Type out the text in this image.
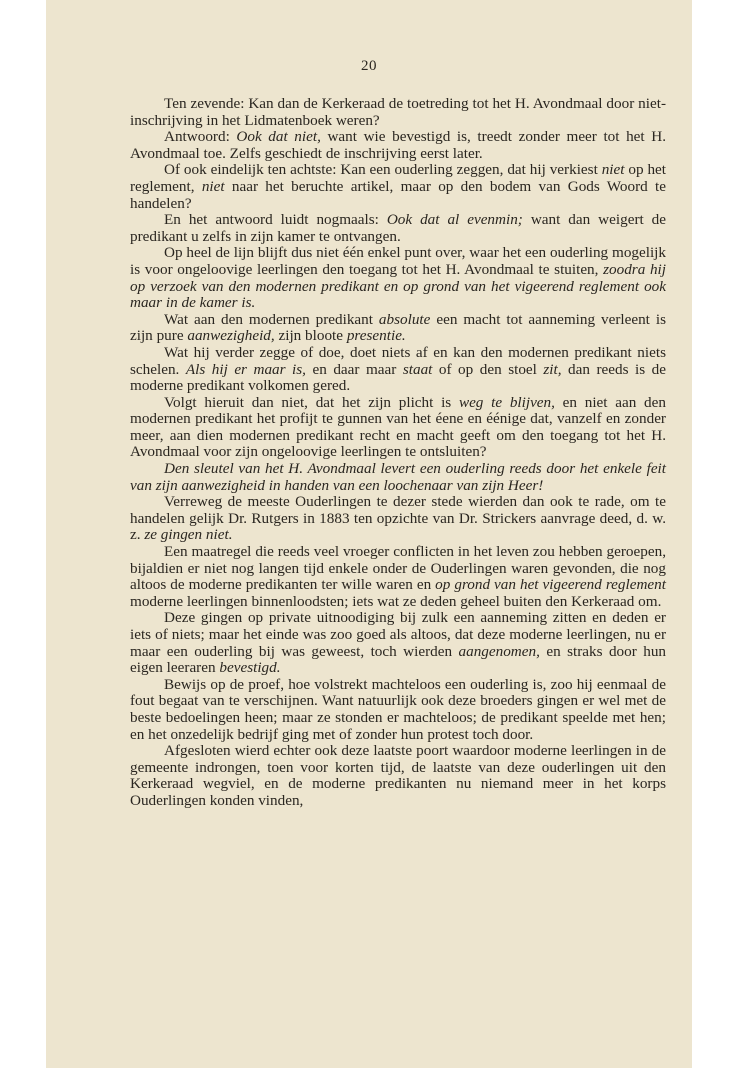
20

Ten zevende: Kan dan de Kerkeraad de toetreding tot het H. Avondmaal door niet-inschrijving in het Lidmatenboek weren?

Antwoord: Ook dat niet, want wie bevestigd is, treedt zonder meer tot het H. Avondmaal toe. Zelfs geschiedt de inschrijving eerst later.

Of ook eindelijk ten achtste: Kan een ouderling zeggen, dat hij verkiest niet op het reglement, niet naar het beruchte artikel, maar op den bodem van Gods Woord te handelen?

En het antwoord luidt nogmaals: Ook dat al evenmin; want dan weigert de predikant u zelfs in zijn kamer te ontvangen.

Op heel de lijn blijft dus niet één enkel punt over, waar het een ouderling mogelijk is voor ongeloovige leerlingen den toegang tot het H. Avondmaal te stuiten, zoodra hij op verzoek van den modernen predikant en op grond van het vigeerend reglement ook maar in de kamer is.

Wat aan den modernen predikant absolute een macht tot aanneming verleent is zijn pure aanwezigheid, zijn bloote presentie.

Wat hij verder zegge of doe, doet niets af en kan den modernen predikant niets schelen. Als hij er maar is, en daar maar staat of op den stoel zit, dan reeds is de moderne predikant volkomen gered.

Volgt hieruit dan niet, dat het zijn plicht is weg te blijven, en niet aan den modernen predikant het profijt te gunnen van het éene en éénige dat, vanzelf en zonder meer, aan dien modernen predikant recht en macht geeft om den toegang tot het H. Avondmaal voor zijn ongeloovige leerlingen te ontsluiten?

Den sleutel van het H. Avondmaal levert een ouderling reeds door het enkele feit van zijn aanwezigheid in handen van een loochenaar van zijn Heer!

Verreweg de meeste Ouderlingen te dezer stede wierden dan ook te rade, om te handelen gelijk Dr. Rutgers in 1883 ten opzichte van Dr. Strickers aanvrage deed, d. w. z. ze gingen niet.

Een maatregel die reeds veel vroeger conflicten in het leven zou hebben geroepen, bijaldien er niet nog langen tijd enkele onder de Ouderlingen waren gevonden, die nog altoos de moderne predikanten ter wille waren en op grond van het vigeerend reglement moderne leerlingen binnenloodsten; iets wat ze deden geheel buiten den Kerkeraad om.

Deze gingen op private uitnoodiging bij zulk een aanneming zitten en deden er iets of niets; maar het einde was zoo goed als altoos, dat deze moderne leerlingen, nu er maar een ouderling bij was geweest, toch wierden aangenomen, en straks door hun eigen leeraren bevestigd.

Bewijs op de proef, hoe volstrekt machteloos een ouderling is, zoo hij eenmaal de fout begaat van te verschijnen. Want natuurlijk ook deze broeders gingen er wel met de beste bedoelingen heen; maar ze stonden er machteloos; de predikant speelde met hen; en het onzedelijk bedrijf ging met of zonder hun protest toch door.

Afgesloten wierd echter ook deze laatste poort waardoor moderne leerlingen in de gemeente indrongen, toen voor korten tijd, de laatste van deze ouderlingen uit den Kerkeraad wegviel, en de moderne predikanten nu niemand meer in het korps Ouderlingen konden vinden,
